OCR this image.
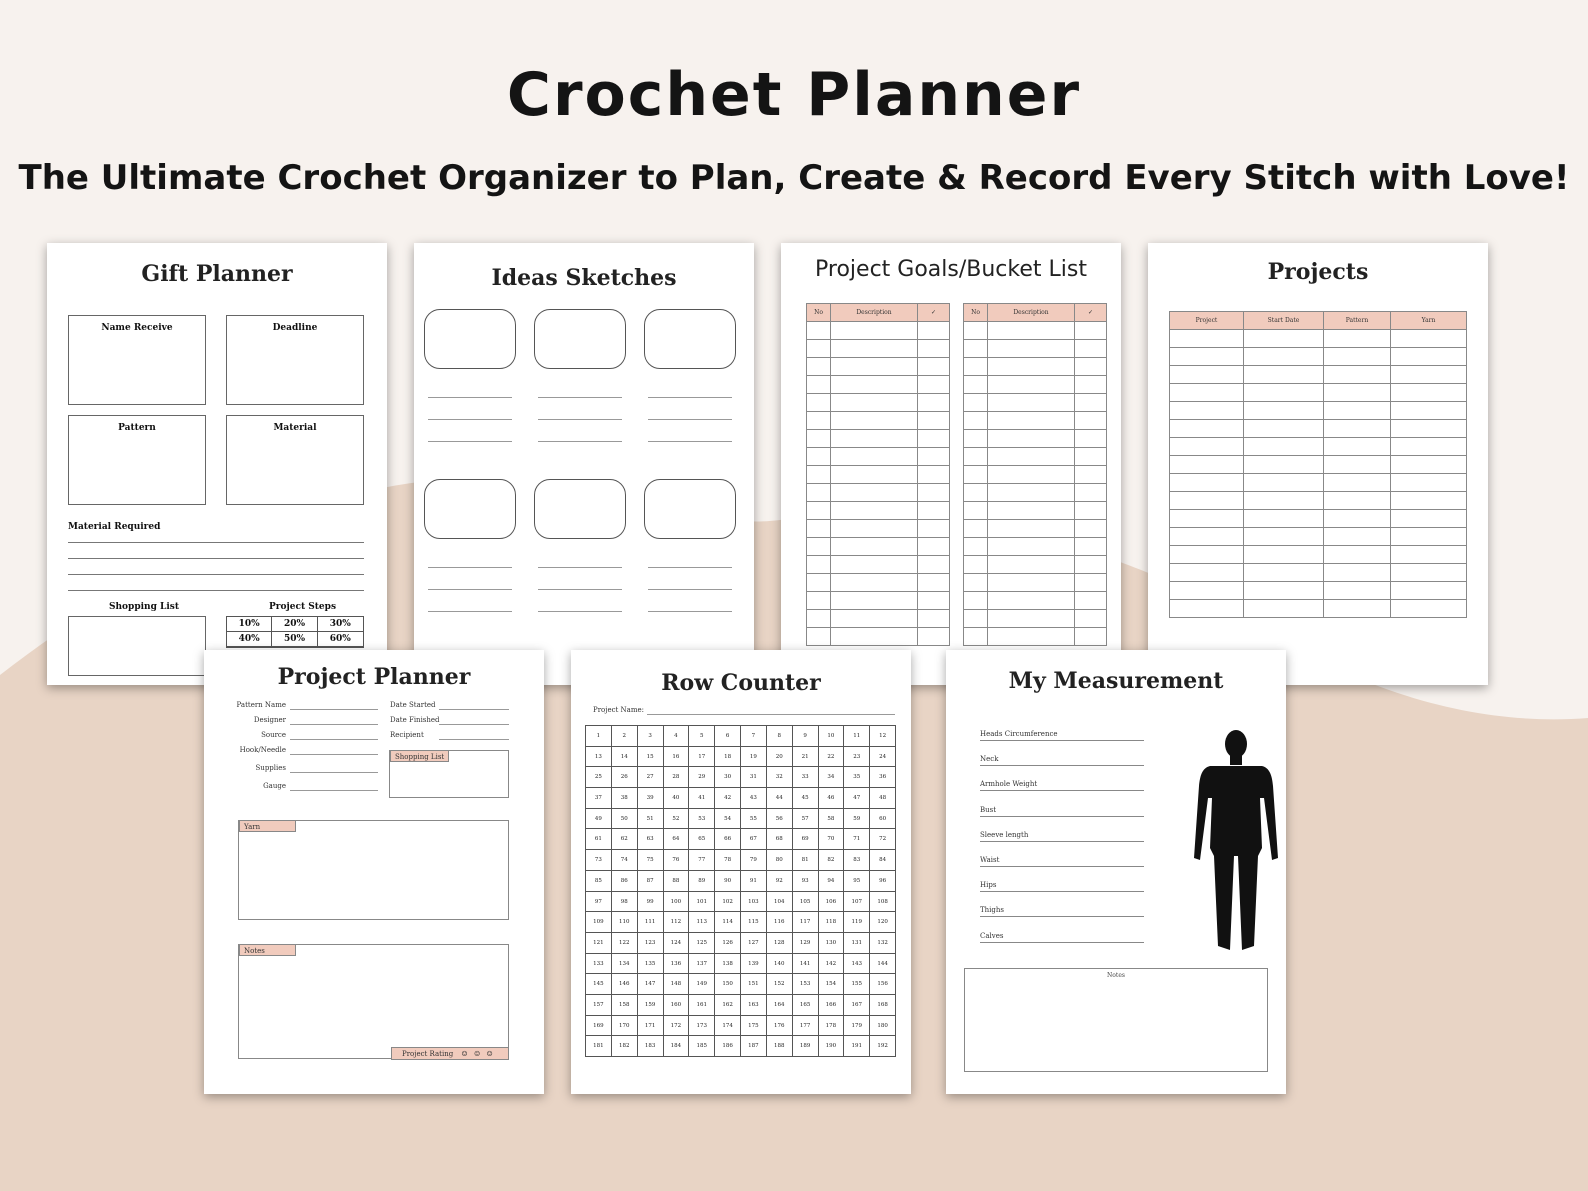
Crochet Planner
The Ultimate Crochet Organizer to Plan, Create & Record Every Stitch with Love!
Gift Planner
Name Receive	Deadline
Pattern	Material
Material Required
Shopping List	Project Steps
10%	20%	30%
40%	50%	60%
Ideas Sketches	Project Goals/Bucket List
No	Description	✓

			No	Description	✓

Projects
Project	Start Date	Pattern	Yarn

Project Planner
Shopping List
Yarn
Notes
Project Rating ☺ ☺ ☺
Pattern Name
Designer
Source
Hook/Needle
Supplies
Gauge
Date Started
Date Finished
Recipient
Row Counter
Project Name:
1	2	3	4	5	6	7	8	9	10	11	12
13	14	15	16	17	18	19	20	21	22	23	24
25	26	27	28	29	30	31	32	33	34	35	36
37	38	39	40	41	42	43	44	45	46	47	48
49	50	51	52	53	54	55	56	57	58	59	60
61	62	63	64	65	66	67	68	69	70	71	72
73	74	75	76	77	78	79	80	81	82	83	84
85	86	87	88	89	90	91	92	93	94	95	96
97	98	99	100	101	102	103	104	105	106	107	108
109	110	111	112	113	114	115	116	117	118	119	120
121	122	123	124	125	126	127	128	129	130	131	132
133	134	135	136	137	138	139	140	141	142	143	144
145	146	147	148	149	150	151	152	153	154	155	156
157	158	159	160	161	162	163	164	165	166	167	168
169	170	171	172	173	174	175	176	177	178	179	180
181	182	183	184	185	186	187	188	189	190	191	192
My Measurement
Notes
Heads Circumference
Neck
Armhole Weight
Bust
Sleeve length
Waist
Hips
Thighs
Calves
